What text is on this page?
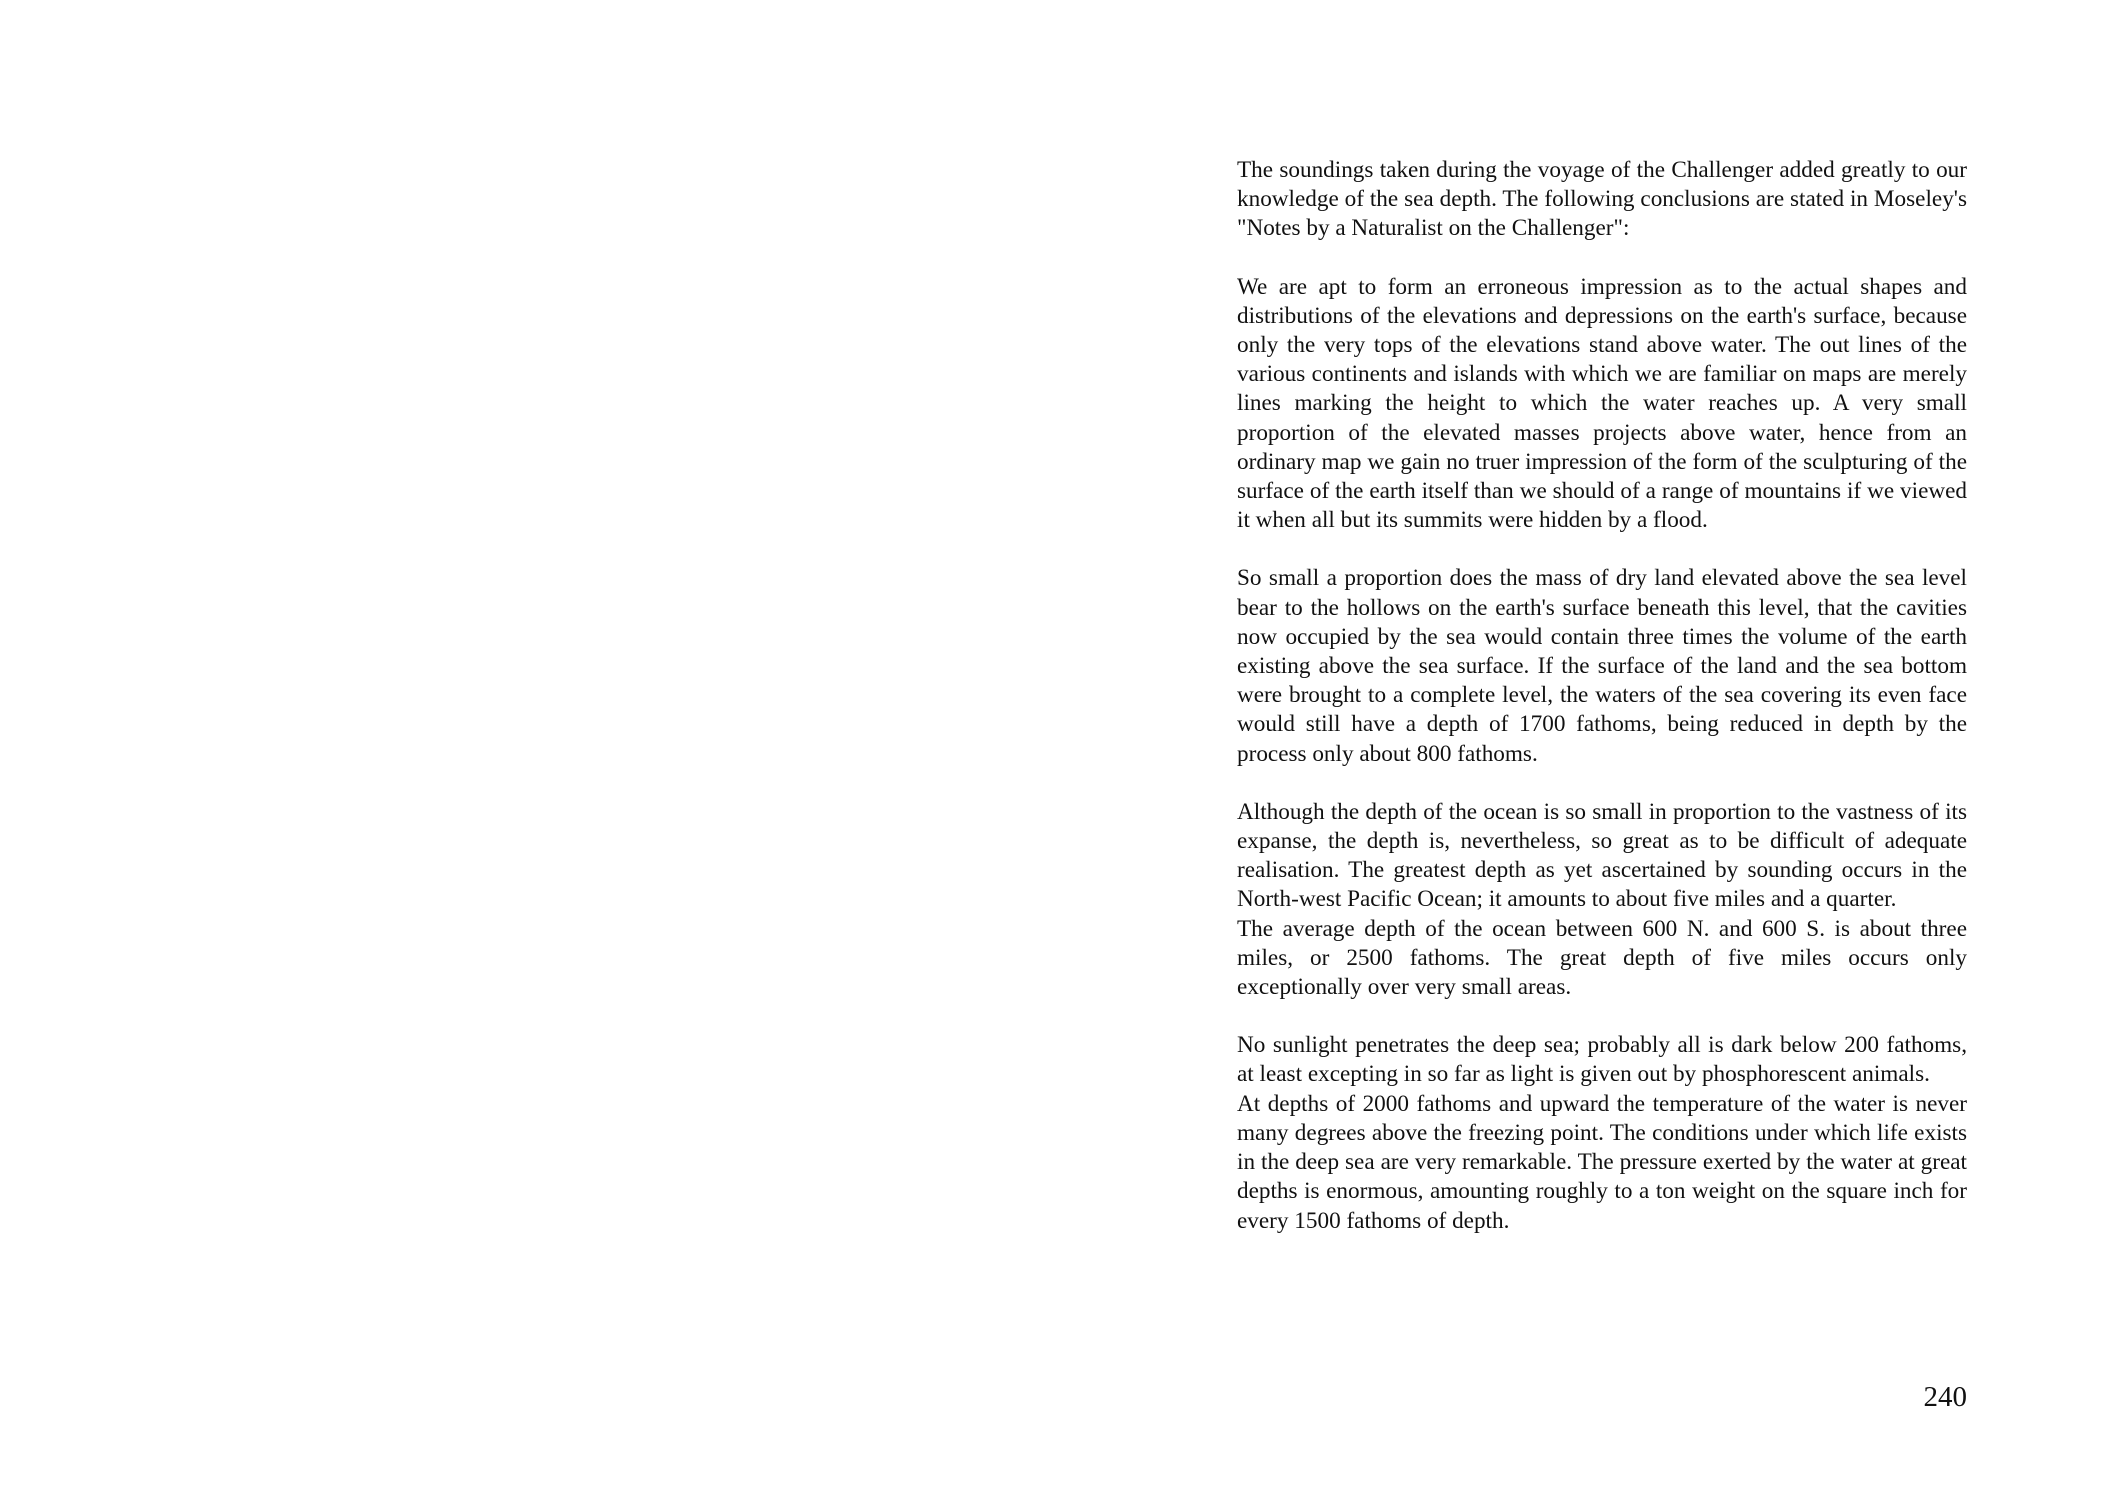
The soundings taken during the voyage of the Challenger added greatly to our knowledge of the sea depth. The following conclusions are stated in Moseley's "Notes by a Naturalist on the Challenger":

We are apt to form an erroneous impression as to the actual shapes and distributions of the elevations and depressions on the earth's surface, because only the very tops of the elevations stand above water. The out lines of the various continents and islands with which we are familiar on maps are merely lines marking the height to which the water reaches up. A very small proportion of the elevated masses projects above water, hence from an ordinary map we gain no truer impression of the form of the sculpturing of the surface of the earth itself than we should of a range of mountains if we viewed it when all but its summits were hidden by a flood.

So small a proportion does the mass of dry land elevated above the sea level bear to the hollows on the earth's surface beneath this level, that the cavities now occupied by the sea would contain three times the volume of the earth existing above the sea surface. If the surface of the land and the sea bottom were brought to a complete level, the waters of the sea covering its even face would still have a depth of 1700 fathoms, being reduced in depth by the process only about 800 fathoms.

Although the depth of the ocean is so small in proportion to the vastness of its expanse, the depth is, nevertheless, so great as to be difficult of adequate realisation. The greatest depth as yet ascertained by sounding occurs in the North-west Pacific Ocean; it amounts to about five miles and a quarter.

The average depth of the ocean between 600 N. and 600 S. is about three miles, or 2500 fathoms. The great depth of five miles occurs only exceptionally over very small areas.

No sunlight penetrates the deep sea; probably all is dark below 200 fathoms, at least excepting in so far as light is given out by phosphorescent animals.

At depths of 2000 fathoms and upward the temperature of the water is never many degrees above the freezing point. The conditions under which life exists in the deep sea are very remarkable. The pressure exerted by the water at great depths is enormous, amounting roughly to a ton weight on the square inch for every 1500 fathoms of depth.

240
